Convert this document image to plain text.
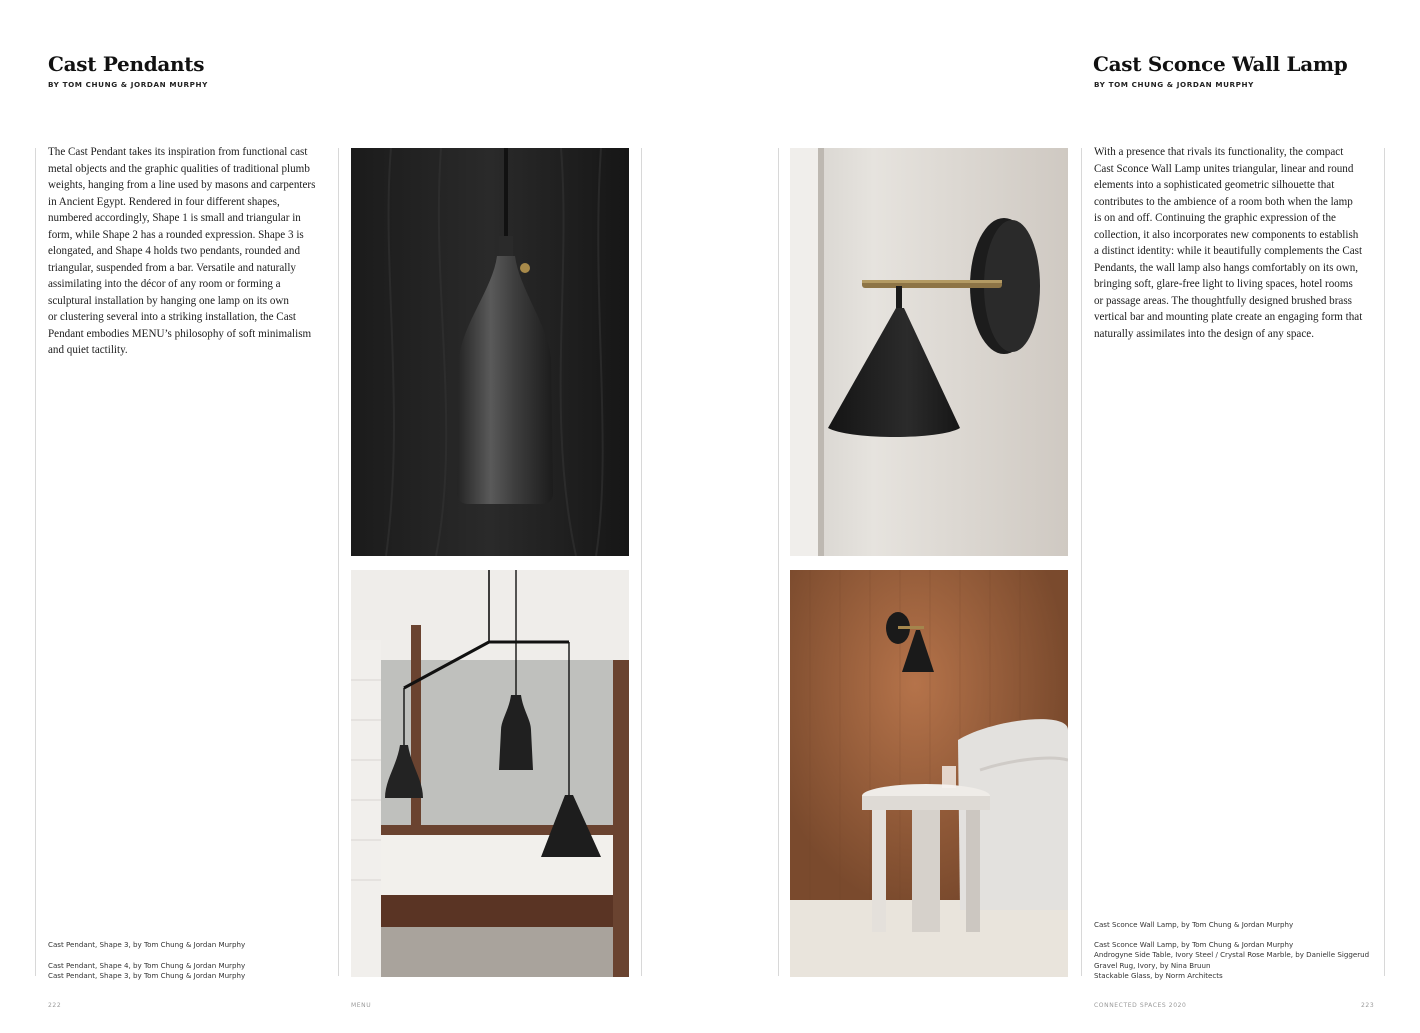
Cast Pendants
BY TOM CHUNG & JORDAN MURPHY
The Cast Pendant takes its inspiration from functional cast
metal objects and the graphic qualities of traditional plumb
weights, hanging from a line used by masons and carpenters
in Ancient Egypt. Rendered in four different shapes,
numbered accordingly, Shape 1 is small and triangular in
form, while Shape 2 has a rounded expression. Shape 3 is
elongated, and Shape 4 holds two pendants, rounded and
triangular, suspended from a bar. Versatile and naturally
assimilating into the décor of any room or forming a
sculptural installation by hanging one lamp on its own
or clustering several into a striking installation, the Cast
Pendant embodies MENU’s philosophy of soft minimalism
and quiet tactility.
Cast Pendant, Shape 3, by Tom Chung & Jordan Murphy
Cast Pendant, Shape 4, by Tom Chung & Jordan Murphy
Cast Pendant, Shape 3, by Tom Chung & Jordan Murphy
222	MENU
Cast Sconce Wall Lamp
BY TOM CHUNG & JORDAN MURPHY
With a presence that rivals its functionality, the compact
Cast Sconce Wall Lamp unites triangular, linear and round
elements into a sophisticated geometric silhouette that
contributes to the ambience of a room both when the lamp
is on and off. Continuing the graphic expression of the
collection, it also incorporates new components to establish
a distinct identity: while it beautifully complements the Cast
Pendants, the wall lamp also hangs comfortably on its own,
bringing soft, glare-free light to living spaces, hotel rooms
or passage areas. The thoughtfully designed brushed brass
vertical bar and mounting plate create an engaging form that
naturally assimilates into the design of any space.
Cast Sconce Wall Lamp, by Tom Chung & Jordan Murphy
Cast Sconce Wall Lamp, by Tom Chung & Jordan Murphy
Androgyne Side Table, Ivory Steel / Crystal Rose Marble, by Danielle Siggerud
Gravel Rug, Ivory, by Nina Bruun
Stackable Glass, by Norm Architects
CONNECTED SPACES 2020	223
